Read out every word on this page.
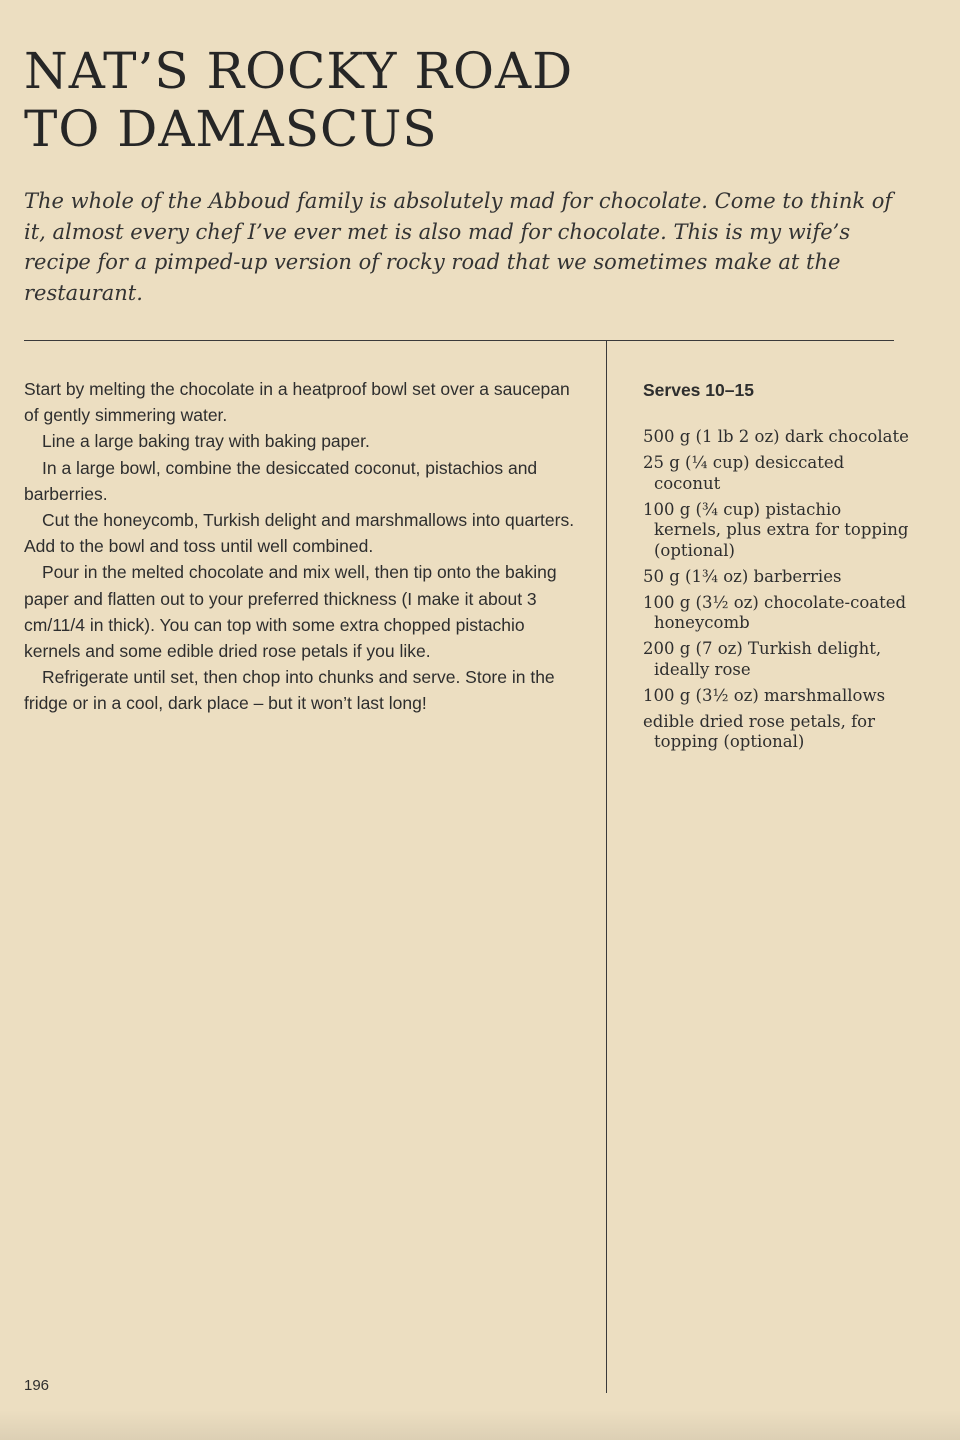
NAT’S ROCKY ROAD
TO DAMASCUS

The whole of the Abboud family is absolutely mad for chocolate. Come to think of it, almost every chef I’ve ever met is also mad for chocolate. This is my wife’s recipe for a pimped-up version of rocky road that we sometimes make at the restaurant.

Start by melting the chocolate in a heatproof bowl set over a saucepan of gently simmering water.

Line a large baking tray with baking paper.

In a large bowl, combine the desiccated coconut, pistachios and barberries.

Cut the honeycomb, Turkish delight and marshmallows into quarters. Add to the bowl and toss until well combined.

Pour in the melted chocolate and mix well, then tip onto the baking paper and flatten out to your preferred thickness (I make it about 3 cm/11/4 in thick). You can top with some extra chopped pistachio kernels and some edible dried rose petals if you like.

Refrigerate until set, then chop into chunks and serve. Store in the fridge or in a cool, dark place – but it won’t last long!

Serves 10–15
500 g (1 lb 2 oz) dark chocolate
25 g (¼ cup) desiccated coconut
100 g (¾ cup) pistachio kernels, plus extra for topping (optional)
50 g (1¾ oz) barberries
100 g (3½ oz) chocolate-coated honeycomb
200 g (7 oz) Turkish delight, ideally rose
100 g (3½ oz) marshmallows
edible dried rose petals, for topping (optional)
196
